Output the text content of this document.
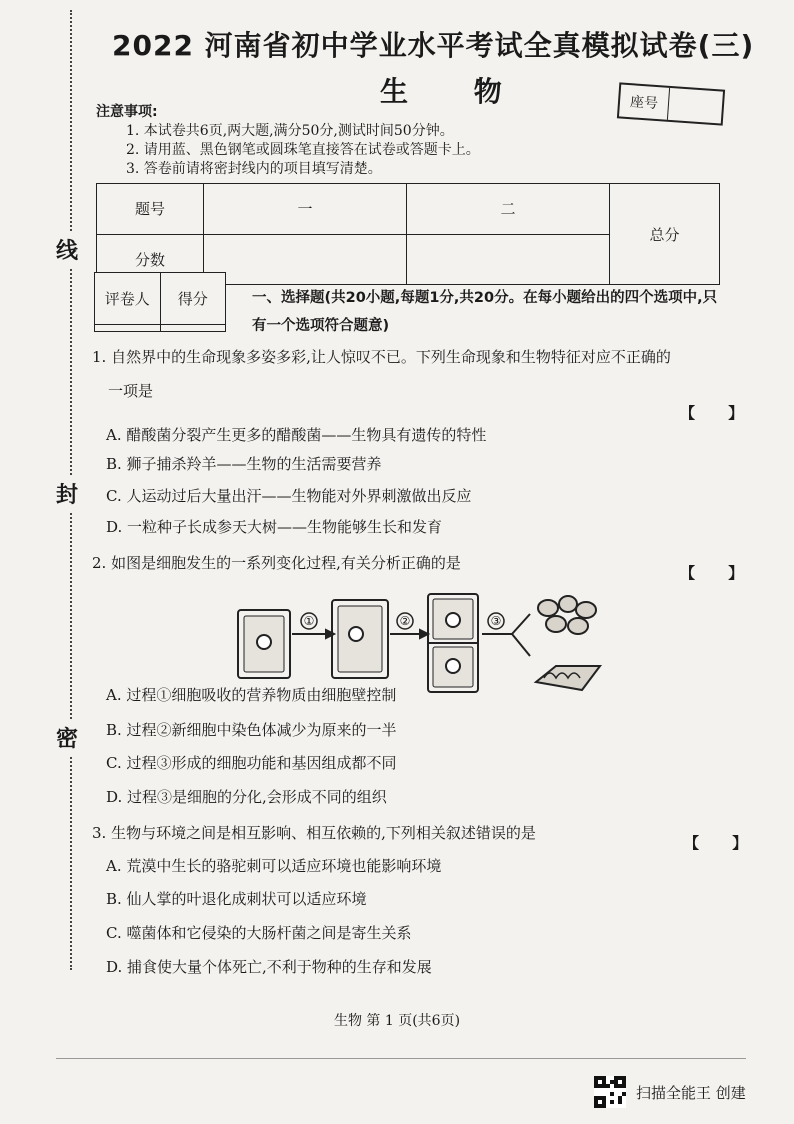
线
封
密
2022 河南省初中学业水平考试全真模拟试卷(三)
生 物	座号
注意事项:
1. 本试卷共6页,两大题,满分50分,测试时间50分钟。
2. 请用蓝、黑色钢笔或圆珠笔直接答在试卷或答题卡上。
3. 答卷前请将密封线内的项目填写清楚。
题号	一	二	总分
分数			
评卷人	得分
		一、选择题(共20小题,每题1分,共20分。在每小题给出的四个选项中,只有一个选项符合题意)
1. 自然界中的生命现象多姿多彩,让人惊叹不已。下列生命现象和生物特征对应不正确的
一项是
【 】
A. 醋酸菌分裂产生更多的醋酸菌——生物具有遗传的特性
B. 狮子捕杀羚羊——生物的生活需要营养
C. 人运动过后大量出汗——生物能对外界刺激做出反应
D. 一粒种子长成参天大树——生物能够生长和发育
2. 如图是细胞发生的一系列变化过程,有关分析正确的是
【 】
①	②	③
A. 过程①细胞吸收的营养物质由细胞壁控制
B. 过程②新细胞中染色体减少为原来的一半
C. 过程③形成的细胞功能和基因组成都不同
D. 过程③是细胞的分化,会形成不同的组织
3. 生物与环境之间是相互影响、相互依赖的,下列相关叙述错误的是
【 】
A. 荒漠中生长的骆驼刺可以适应环境也能影响环境
B. 仙人掌的叶退化成刺状可以适应环境
C. 噬菌体和它侵染的大肠杆菌之间是寄生关系
D. 捕食使大量个体死亡,不利于物种的生存和发展
生物 第 1 页(共6页)
扫描全能王 创建
